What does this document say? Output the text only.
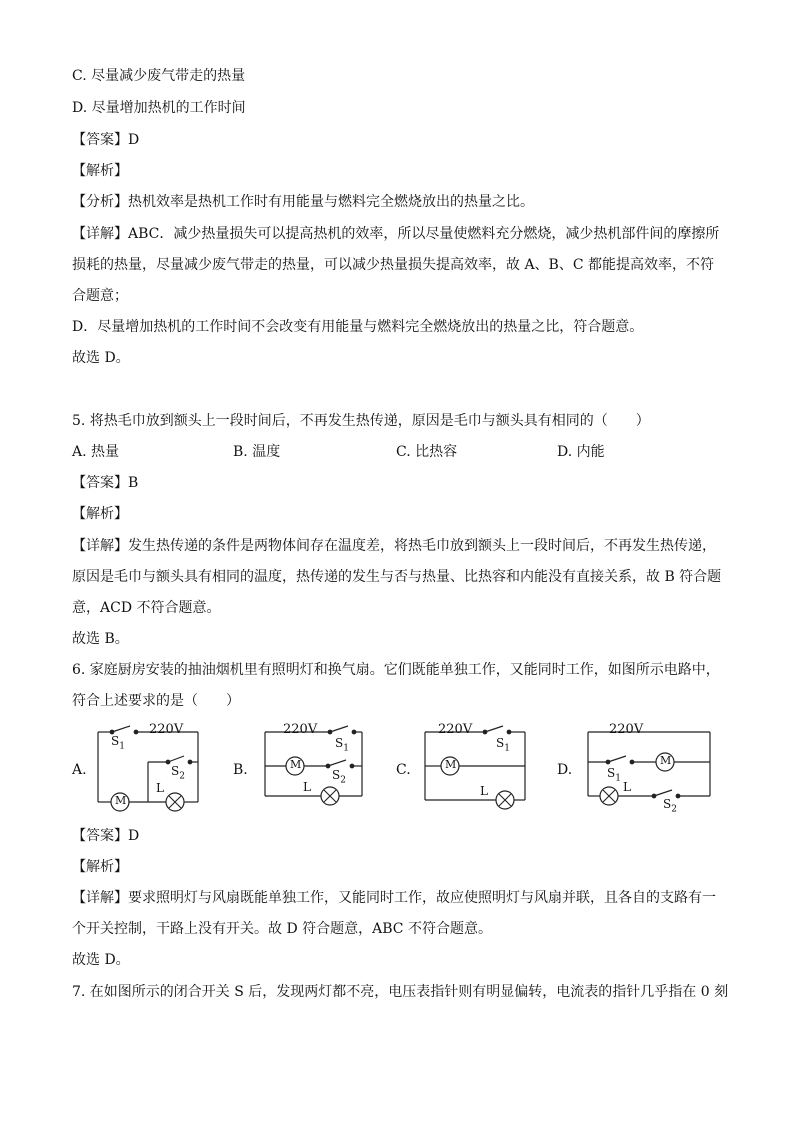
C. 尽量减少废气带走的热量
D. 尽量增加热机的工作时间
【答案】D
【解析】
【分析】热机效率是热机工作时有用能量与燃料完全燃烧放出的热量之比。
【详解】ABC．减少热量损失可以提高热机的效率，所以尽量使燃料充分燃烧，减少热机部件间的摩擦所
损耗的热量，尽量减少废气带走的热量，可以减少热量损失提高效率，故 A、B、C 都能提高效率，不符
合题意；
D．尽量增加热机的工作时间不会改变有用能量与燃料完全燃烧放出的热量之比，符合题意。
故选 D。
5. 将热毛巾放到额头上一段时间后，不再发生热传递，原因是毛巾与额头具有相同的（　　）
A. 热量	B. 温度	C. 比热容	D. 内能
【答案】B
【解析】
【详解】发生热传递的条件是两物体间存在温度差，将热毛巾放到额头上一段时间后，不再发生热传递，
原因是毛巾与额头具有相同的温度，热传递的发生与否与热量、比热容和内能没有直接关系，故 B 符合题
意，ACD 不符合题意。
故选 B。
6. 家庭厨房安装的抽油烟机里有照明灯和换气扇。它们既能单独工作，又能同时工作，如图所示电路中，
符合上述要求的是（　　）
A.	B.	C.	D.
220V	220V	220V	220V
$S_1$
$S_2$
$S_1$
$S_2$
$S_1$
$S_1$
$S_2$
M
L
M
L
M
L
M
L
【答案】D
【解析】
【详解】要求照明灯与风扇既能单独工作，又能同时工作，故应使照明灯与风扇并联，且各自的支路有一
个开关控制，干路上没有开关。故 D 符合题意，ABC 不符合题意。
故选 D。
7. 在如图所示的闭合开关 S 后，发现两灯都不亮，电压表指针则有明显偏转，电流表的指针几乎指在 0 刻
